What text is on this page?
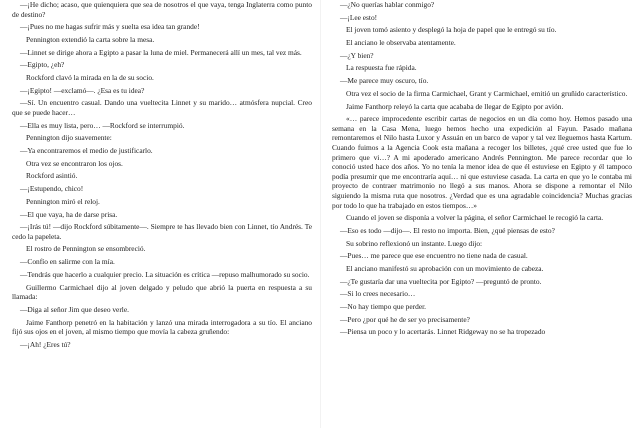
—¡He dicho; acaso, que quienquiera que sea de nosotros el que vaya, tenga Inglaterra como punto de destino?

—¡Pues no me hagas sufrir más y suelta esa idea tan grande!

Pennington extendió la carta sobre la mesa.

—Linnet se dirige ahora a Egipto a pasar la luna de miel. Permanecerá allí un mes, tal vez más.

—Egipto, ¿eh?

Rockford clavó la mirada en la de su socio.

—¡Egipto! —exclamó—. ¿Esa es tu idea?

—Sí. Un encuentro casual. Dando una vueltecita Linnet y su marido… atmósfera nupcial. Creo que se puede hacer…

—Ella es muy lista, pero… —Rockford se interrumpió.

Pennington dijo suavemente:

—Ya encontraremos el medio de justificarlo.

Otra vez se encontraron los ojos.

Rockford asintió.

—¡Estupendo, chico!

Pennington miró el reloj.

—El que vaya, ha de darse prisa.

—¡Irás tú! —dijo Rockford súbitamente—. Siempre te has llevado bien con Linnet, tío Andrés. Te cedo la papeleta.

El rostro de Pennington se ensombreció.

—Confío en salirme con la mía.

—Tendrás que hacerlo a cualquier precio. La situación es crítica —repuso malhumorado su socio.

Guillermo Carmichael dijo al joven delgado y peludo que abrió la puerta en respuesta a su llamada:

—Diga al señor Jim que deseo verle.

Jaime Fanthorp penetró en la habitación y lanzó una mirada interrogadora a su tío. El anciano fijó sus ojos en el joven, al mismo tiempo que movía la cabeza gruñendo:

—¡Ah! ¿Eres tú?

—¿No querías hablar conmigo?

—¡Lee esto!

El joven tomó asiento y desplegó la hoja de papel que le entregó su tío.

El anciano le observaba atentamente.

—¿Y bien?

La respuesta fue rápida.

—Me parece muy oscuro, tío.

Otra vez el socio de la firma Carmichael, Grant y Carmichael, emitió un gruñido característico.

Jaime Fanthorp releyó la carta que acababa de llegar de Egipto por avión.

«… parece improcedente escribir cartas de negocios en un día como hoy. Hemos pasado una semana en la Casa Mena, luego hemos hecho una expedición al Fayun. Pasado mañana remontaremos el Nilo hasta Luxor y Assuán en un barco de vapor y tal vez lleguemos hasta Kartum. Cuando fuimos a la Agencia Cook esta mañana a recoger los billetes, ¿qué cree usted que fue lo primero que vi…? A mi apoderado americano Andrés Pennington. Me parece recordar que lo conoció usted hace dos años. Yo no tenía la menor idea de que él estuviese en Egipto y él tampoco podía presumir que me encontraría aquí… ni que estuviese casada. La carta en que yo le contaba mi proyecto de contraer matrimonio no llegó a sus manos. Ahora se dispone a remontar el Nilo siguiendo la misma ruta que nosotros. ¿Verdad que es una agradable coincidencia? Muchas gracias por todo lo que ha trabajado en estos tiempos…»

Cuando el joven se disponía a volver la página, el señor Carmichael le recogió la carta.

—Eso es todo —dijo—. El resto no importa. Bien, ¿qué piensas de esto?

Su sobrino reflexionó un instante. Luego dijo:

—Pues… me parece que ese encuentro no tiene nada de casual.

El anciano manifestó su aprobación con un movimiento de cabeza.

—¿Te gustaría dar una vueltecita por Egipto? —preguntó de pronto.

—Si lo crees necesario…

—No hay tiempo que perder.

—Pero ¿por qué he de ser yo precisamente?

—Piensa un poco y lo acertarás. Linnet Ridgeway no se ha tropezado
